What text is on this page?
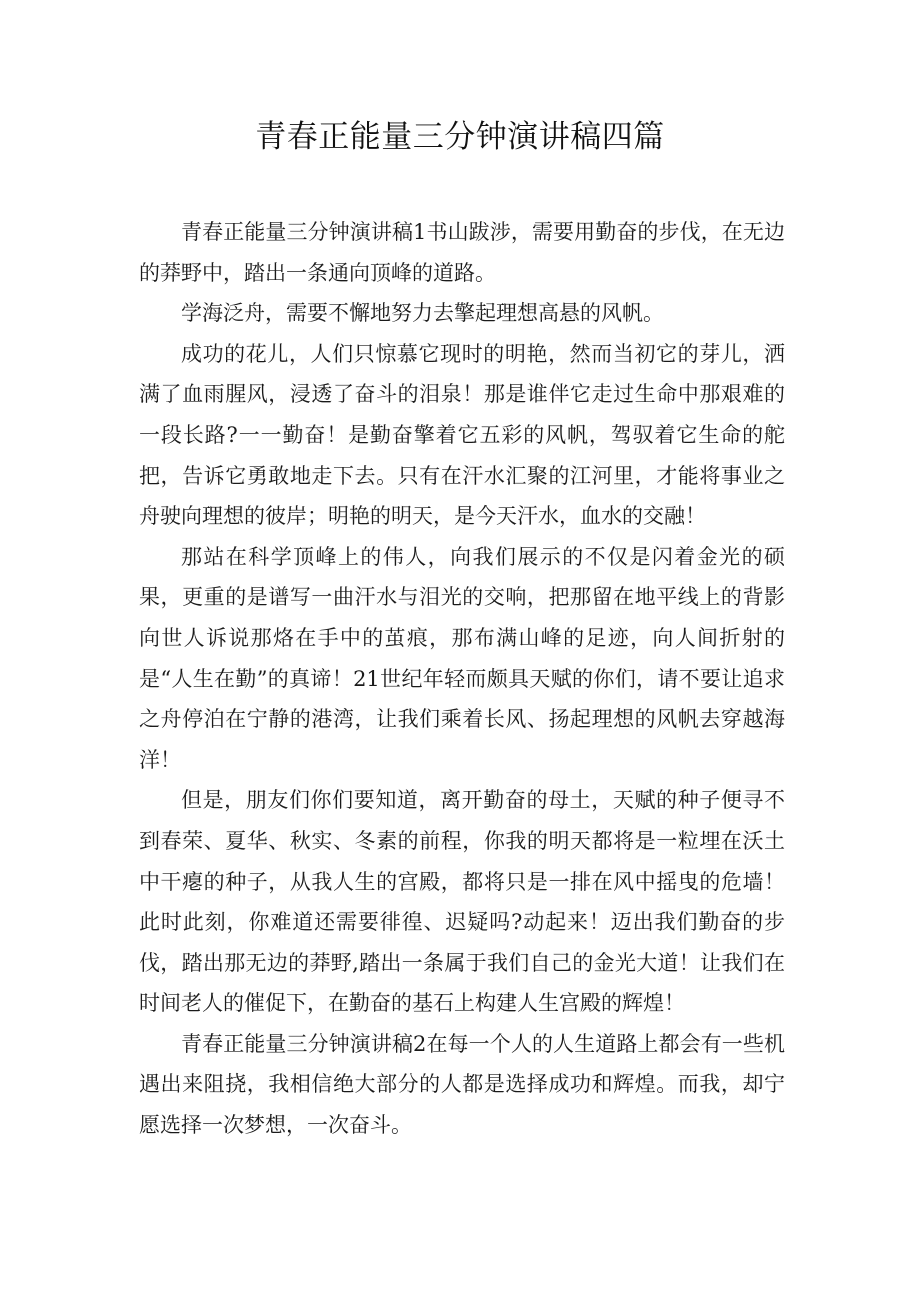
青春正能量三分钟演讲稿四篇

青春正能量三分钟演讲稿1书山跋涉，需要用勤奋的步伐，在无边的莽野中，踏出一条通向顶峰的道路。

学海泛舟，需要不懈地努力去擎起理想高悬的风帆。

成功的花儿，人们只惊慕它现时的明艳，然而当初它的芽儿，洒满了血雨腥风，浸透了奋斗的泪泉！那是谁伴它走过生命中那艰难的一段长路?一一勤奋！是勤奋擎着它五彩的风帆，驾驭着它生命的舵把，告诉它勇敢地走下去。只有在汗水汇聚的江河里，才能将事业之舟驶向理想的彼岸；明艳的明天，是今天汗水，血水的交融！

那站在科学顶峰上的伟人，向我们展示的不仅是闪着金光的硕果，更重的是谱写一曲汗水与泪光的交响，把那留在地平线上的背影向世人诉说那烙在手中的茧痕，那布满山峰的足迹，向人间折射的是“人生在勤”的真谛！21世纪年轻而颇具天赋的你们，请不要让追求之舟停泊在宁静的港湾，让我们乘着长风、扬起理想的风帆去穿越海洋！

但是，朋友们你们要知道，离开勤奋的母土，天赋的种子便寻不到春荣、夏华、秋实、冬素的前程，你我的明天都将是一粒埋在沃土中干瘪的种子，从我人生的宫殿，都将只是一排在风中摇曳的危墙！此时此刻，你难道还需要徘徨、迟疑吗?动起来！迈出我们勤奋的步伐，踏出那无边的莽野,踏出一条属于我们自己的金光大道！让我们在时间老人的催促下，在勤奋的基石上构建人生宫殿的辉煌！

青春正能量三分钟演讲稿2在每一个人的人生道路上都会有一些机遇出来阻挠，我相信绝大部分的人都是选择成功和辉煌。而我，却宁愿选择一次梦想，一次奋斗。
